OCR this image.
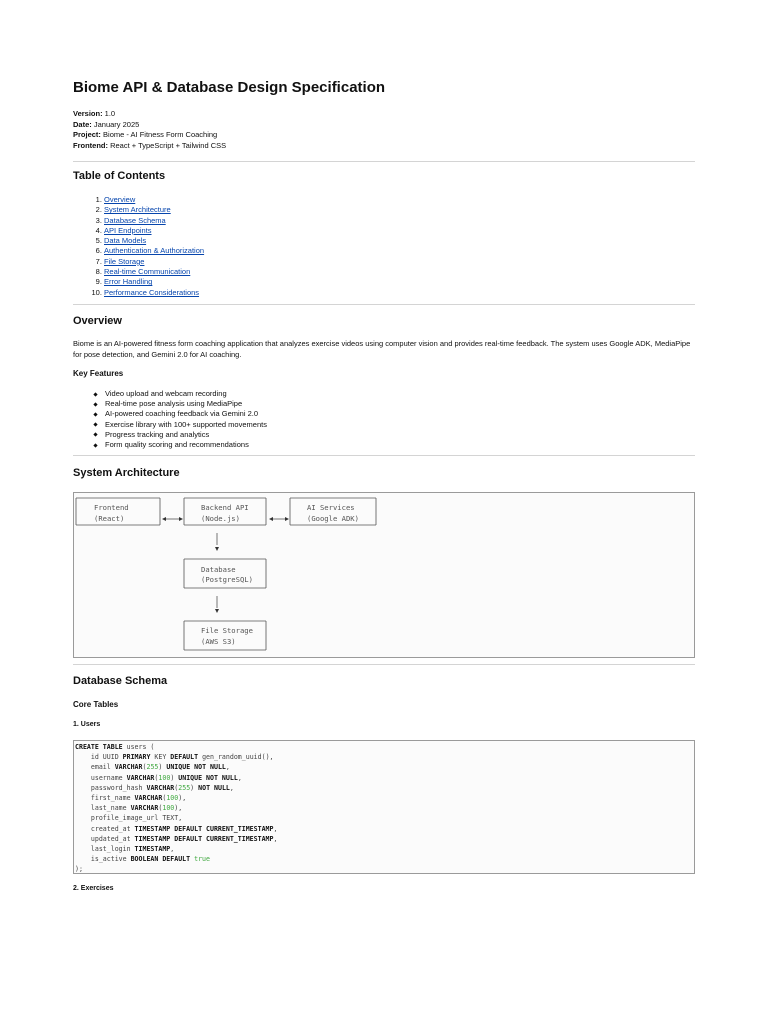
Biome API & Database Design Specification
Version: 1.0
Date: January 2025
Project: Biome - AI Fitness Form Coaching
Frontend: React + TypeScript + Tailwind CSS
Table of Contents
1. Overview
2. System Architecture
3. Database Schema
4. API Endpoints
5. Data Models
6. Authentication & Authorization
7. File Storage
8. Real-time Communication
9. Error Handling
10. Performance Considerations
Overview

Biome is an AI-powered fitness form coaching application that analyzes exercise videos using computer vision and provides real-time feedback. The system uses Google ADK, MediaPipe for pose detection, and Gemini 2.0 for AI coaching.

Key Features
Video upload and webcam recording
Real-time pose analysis using MediaPipe
AI-powered coaching feedback via Gemini 2.0
Exercise library with 100+ supported movements
Progress tracking and analytics
Form quality scoring and recommendations
System Architecture
Frontend
(React)
Backend API
(Node.js)
AI Services
(Google ADK)
Database
(PostgreSQL)
File Storage
(AWS S3)
Database Schema
Core Tables
1. Users
CREATE TABLE users (
id UUID PRIMARY KEY DEFAULT gen_random_uuid(),
email VARCHAR(255) UNIQUE NOT NULL,
username VARCHAR(100) UNIQUE NOT NULL,
password_hash VARCHAR(255) NOT NULL,
first_name VARCHAR(100),
last_name VARCHAR(100),
profile_image_url TEXT,
created_at TIMESTAMP DEFAULT CURRENT_TIMESTAMP,
updated_at TIMESTAMP DEFAULT CURRENT_TIMESTAMP,
last_login TIMESTAMP,
is_active BOOLEAN DEFAULT true
);

2. Exercises
